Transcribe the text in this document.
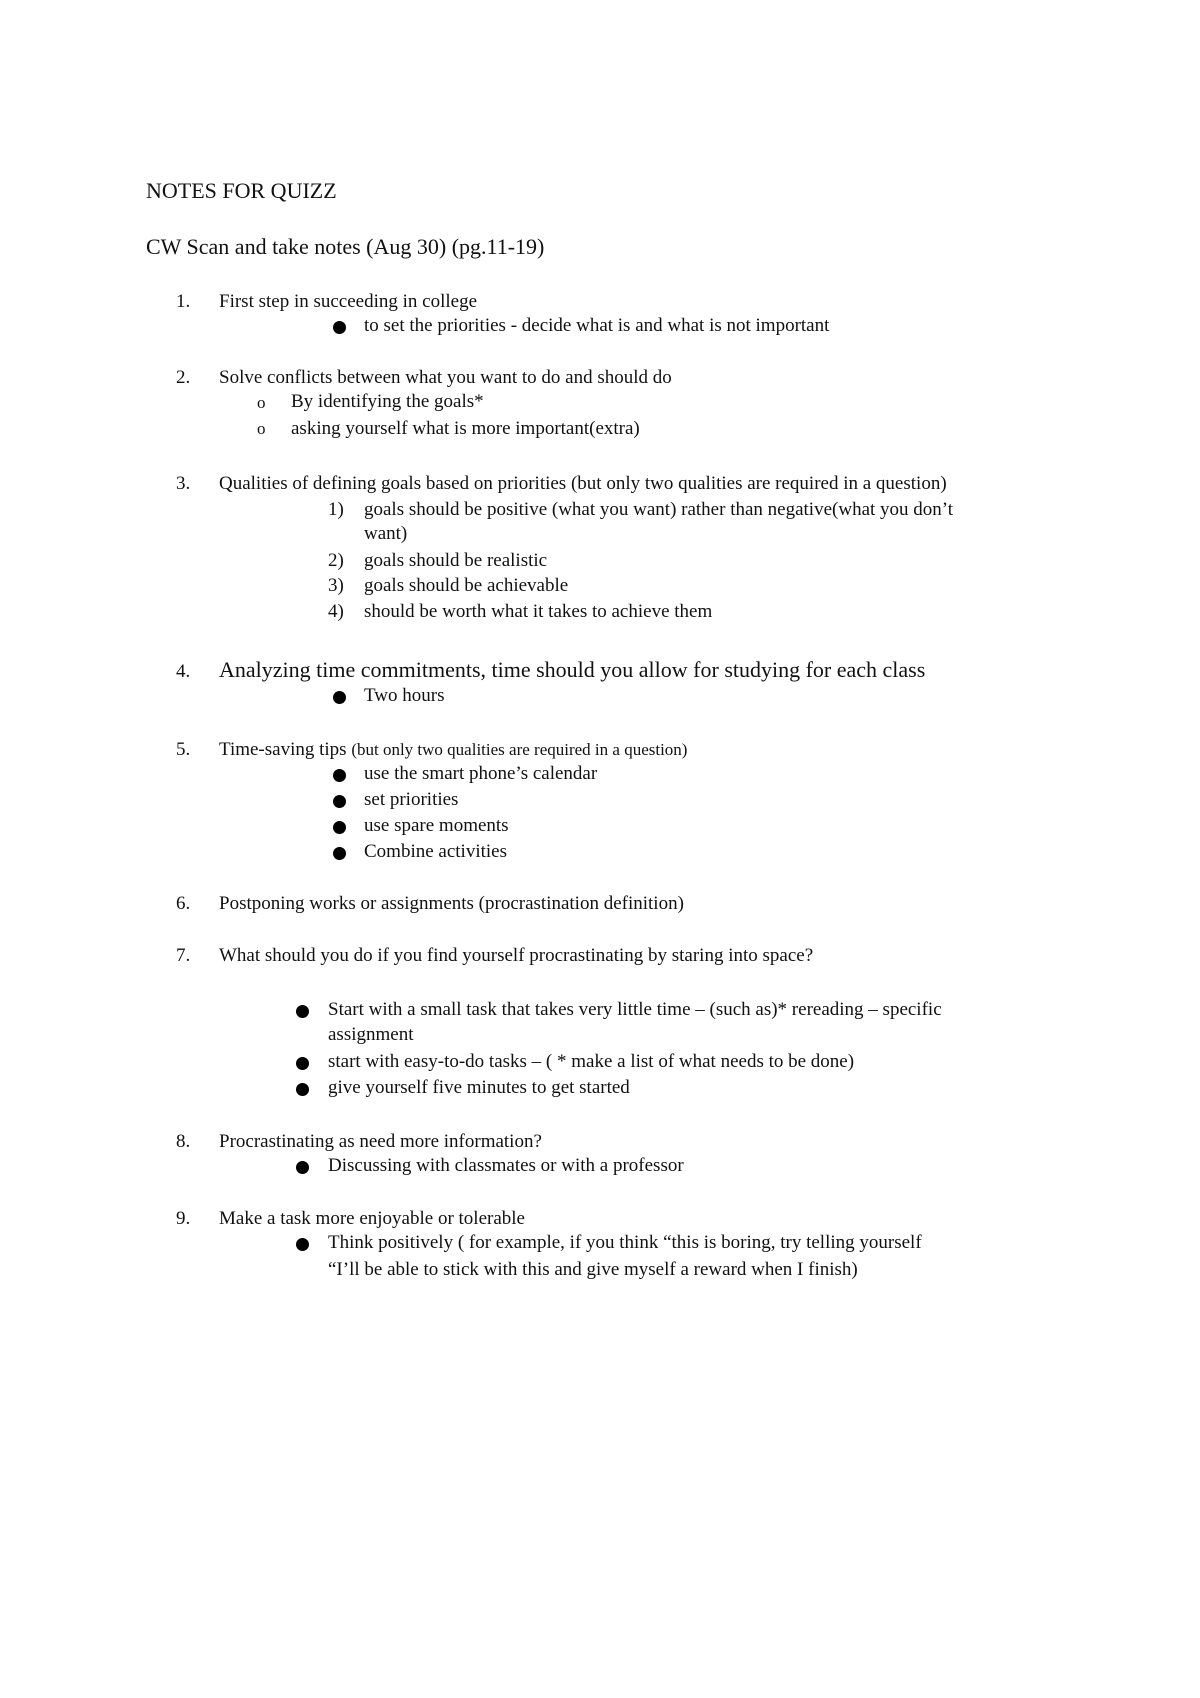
NOTES FOR QUIZZ
CW Scan and take notes (Aug 30) (pg.11-19)
1. First step in succeeding in college
to set the priorities - decide what is and what is not important
2. Solve conflicts between what you want to do and should do
o By identifying the goals*
o asking yourself what is more important(extra)
3. Qualities of defining goals based on priorities (but only two qualities are required in a question)
1) goals should be positive (what you want) rather than negative(what you don’t
want)
2) goals should be realistic
3) goals should be achievable
4) should be worth what it takes to achieve them
4. Analyzing time commitments, time should you allow for studying for each class
Two hours
5. Time-saving tips (but only two qualities are required in a question)
use the smart phone’s calendar
set priorities
use spare moments
Combine activities
6. Postponing works or assignments (procrastination definition)
7. What should you do if you find yourself procrastinating by staring into space?
Start with a small task that takes very little time – (such as)* rereading – specific
assignment
start with easy-to-do tasks – ( * make a list of what needs to be done)
give yourself five minutes to get started
8. Procrastinating as need more information?
Discussing with classmates or with a professor
9. Make a task more enjoyable or tolerable
Think positively ( for example, if you think “this is boring, try telling yourself
“I’ll be able to stick with this and give myself a reward when I finish)
